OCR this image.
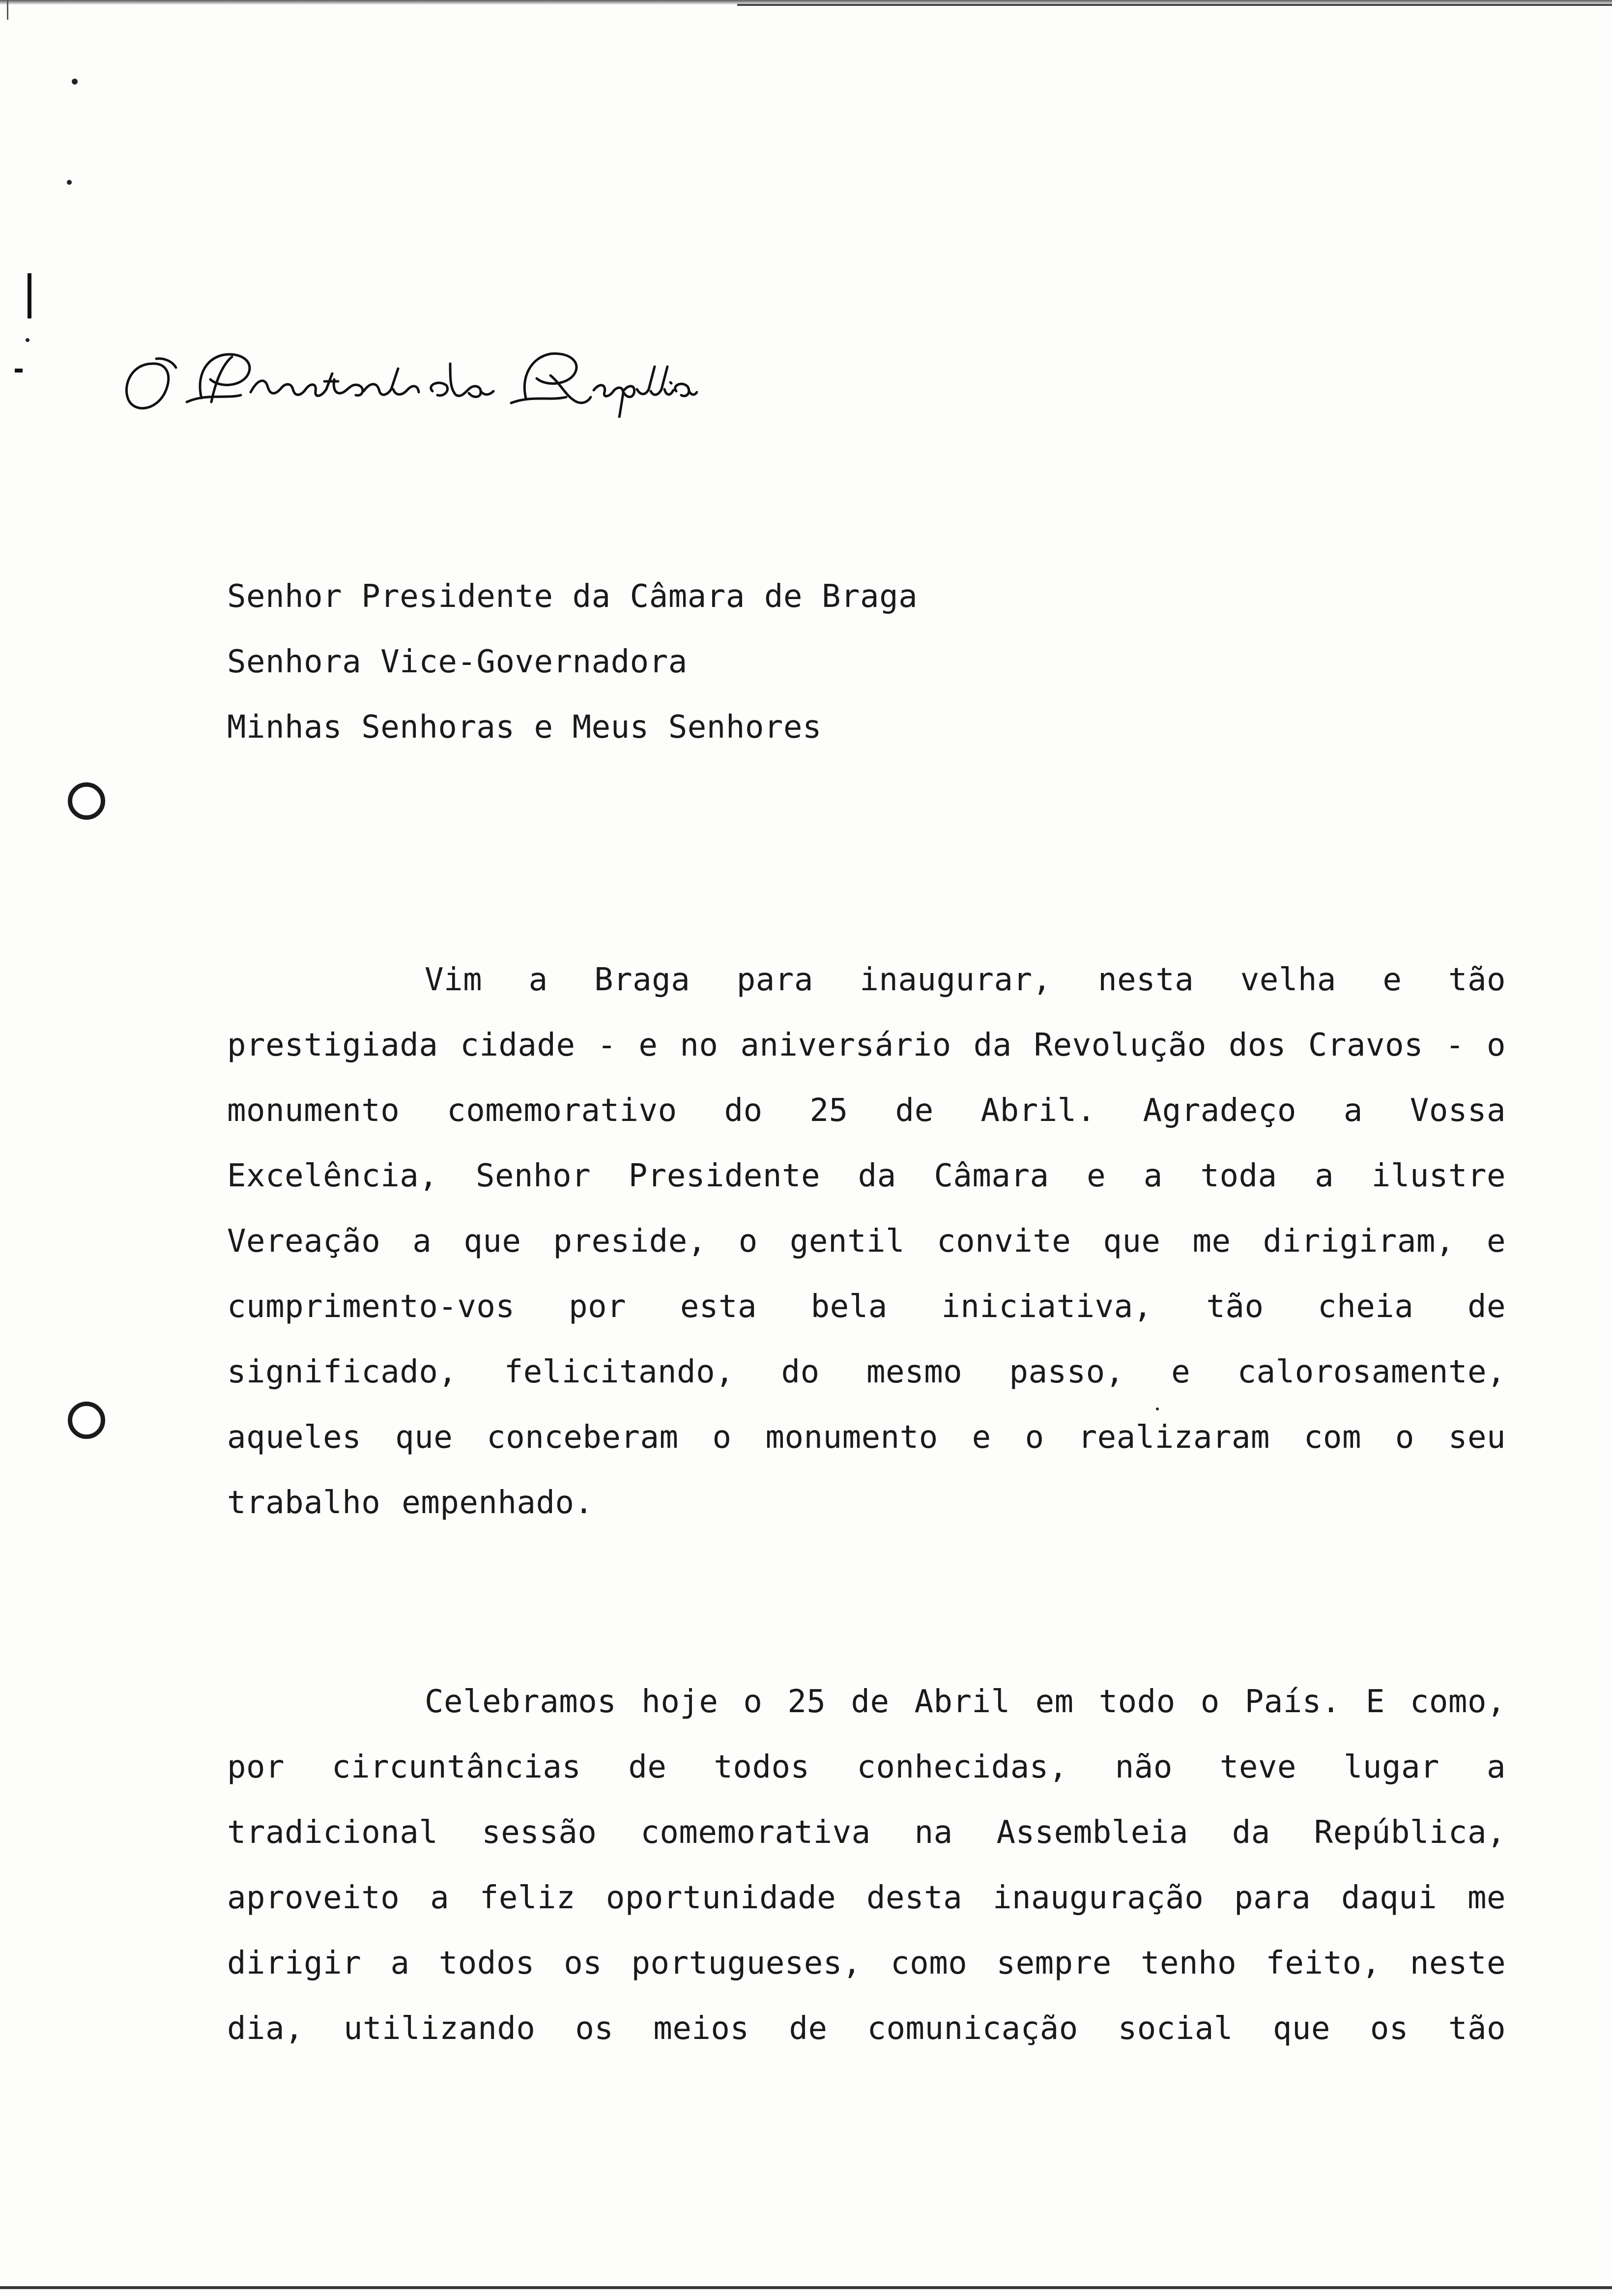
Senhor Presidente da Câmara de Braga
Senhora Vice-Governadora
Minhas Senhoras e Meus Senhores

Vim a Braga para inaugurar, nesta velha e tão prestigiada cidade - e no aniversário da Revolução dos Cravos - o monumento comemorativo do 25 de Abril. Agradeço a Vossa Excelência, Senhor Presidente da Câmara e a toda a ilustre Vereação a que preside, o gentil convite que me dirigiram, e cumprimento-vos por esta bela iniciativa, tão cheia de significado, felicitando, do mesmo passo, e calorosamente, aqueles que conceberam o monumento e o realizaram com o seu trabalho empenhado.

Celebramos hoje o 25 de Abril em todo o País. E como, por circuntâncias de todos conhecidas, não teve lugar a tradicional sessão comemorativa na Assembleia da República, aproveito a feliz oportunidade desta inauguração para daqui me dirigir a todos os portugueses, como sempre tenho feito, neste dia, utilizando os meios de comunicação social que os tão
